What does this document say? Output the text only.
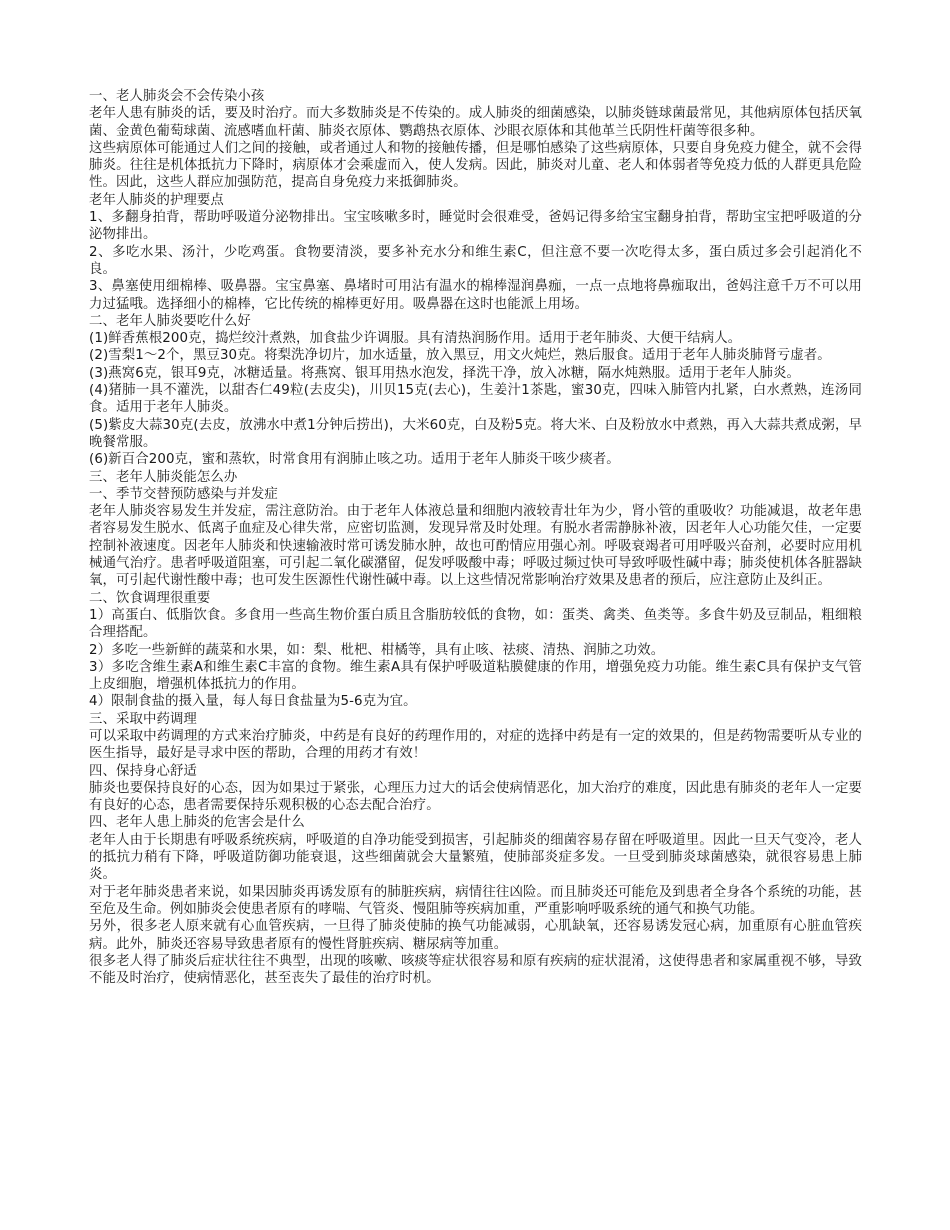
一、老人肺炎会不会传染小孩

老年人患有肺炎的话，要及时治疗。而大多数肺炎是不传染的。成人肺炎的细菌感染，以肺炎链球菌最常见，其他病原体包括厌氧菌、金黄色葡萄球菌、流感嗜血杆菌、肺炎衣原体、鹦鹉热衣原体、沙眼衣原体和其他革兰氏阴性杆菌等很多种。

这些病原体可能通过人们之间的接触，或者通过人和物的接触传播，但是哪怕感染了这些病原体，只要自身免疫力健全，就不会得肺炎。往往是机体抵抗力下降时，病原体才会乘虚而入，使人发病。因此，肺炎对儿童、老人和体弱者等免疫力低的人群更具危险性。因此，这些人群应加强防范，提高自身免疫力来抵御肺炎。

老年人肺炎的护理要点

1、多翻身拍背，帮助呼吸道分泌物排出。宝宝咳嗽多时，睡觉时会很难受，爸妈记得多给宝宝翻身拍背，帮助宝宝把呼吸道的分泌物排出。

2、多吃水果、汤汁，少吃鸡蛋。食物要清淡，要多补充水分和维生素C，但注意不要一次吃得太多，蛋白质过多会引起消化不良。

3、鼻塞使用细棉棒、吸鼻器。宝宝鼻塞、鼻堵时可用沾有温水的棉棒湿润鼻痂，一点一点地将鼻痂取出，爸妈注意千万不可以用力过猛哦。选择细小的棉棒，它比传统的棉棒更好用。吸鼻器在这时也能派上用场。

二、老年人肺炎要吃什么好

(1)鲜香蕉根200克，捣烂绞汁煮熟，加食盐少许调服。具有清热润肠作用。适用于老年肺炎、大便干结病人。

(2)雪梨1～2个，黑豆30克。将梨洗净切片，加水适量，放入黑豆，用文火炖烂，熟后服食。适用于老年人肺炎肺肾亏虚者。

(3)燕窝6克，银耳9克，冰糖适量。将燕窝、银耳用热水泡发，择洗干净，放入冰糖，隔水炖熟服。适用于老年人肺炎。

(4)猪肺一具不灌洗，以甜杏仁49粒(去皮尖)，川贝15克(去心)，生姜汁1茶匙，蜜30克，四味入肺管内扎紧，白水煮熟，连汤同食。适用于老年人肺炎。

(5)紫皮大蒜30克(去皮，放沸水中煮1分钟后捞出)，大米60克，白及粉5克。将大米、白及粉放水中煮熟，再入大蒜共煮成粥，早晚餐常服。

(6)新百合200克，蜜和蒸软，时常食用有润肺止咳之功。适用于老年人肺炎干咳少痰者。

三、老年人肺炎能怎么办

一、季节交替预防感染与并发症

老年人肺炎容易发生并发症，需注意防治。由于老年人体液总量和细胞内液较青壮年为少，肾小管的重吸收？功能减退，故老年患者容易发生脱水、低离子血症及心律失常，应密切监测，发现异常及时处理。有脱水者需静脉补液，因老年人心功能欠佳，一定要控制补液速度。因老年人肺炎和快速输液时常可诱发肺水肿，故也可酌情应用强心剂。呼吸衰竭者可用呼吸兴奋剂，必要时应用机械通气治疗。患者呼吸道阻塞，可引起二氧化碳潴留，促发呼吸酸中毒；呼吸过频过快可导致呼吸性碱中毒；肺炎使机体各脏器缺氧，可引起代谢性酸中毒；也可发生医源性代谢性碱中毒。以上这些情况常影响治疗效果及患者的预后，应注意防止及纠正。

二、饮食调理很重要

1）高蛋白、低脂饮食。多食用一些高生物价蛋白质且含脂肪较低的食物，如：蛋类、禽类、鱼类等。多食牛奶及豆制品，粗细粮合理搭配。

2）多吃一些新鲜的蔬菜和水果，如：梨、枇杷、柑橘等，具有止咳、祛痰、清热、润肺之功效。

3）多吃含维生素A和维生素C丰富的食物。维生素A具有保护呼吸道粘膜健康的作用，增强免疫力功能。维生素C具有保护支气管上皮细胞，增强机体抵抗力的作用。

4）限制食盐的摄入量，每人每日食盐量为5-6克为宜。

三、采取中药调理

可以采取中药调理的方式来治疗肺炎，中药是有良好的药理作用的，对症的选择中药是有一定的效果的，但是药物需要听从专业的医生指导，最好是寻求中医的帮助，合理的用药才有效！

四、保持身心舒适

肺炎也要保持良好的心态，因为如果过于紧张，心理压力过大的话会使病情恶化，加大治疗的难度，因此患有肺炎的老年人一定要有良好的心态，患者需要保持乐观积极的心态去配合治疗。

四、老年人患上肺炎的危害会是什么

老年人由于长期患有呼吸系统疾病，呼吸道的自净功能受到损害，引起肺炎的细菌容易存留在呼吸道里。因此一旦天气变冷，老人的抵抗力稍有下降，呼吸道防御功能衰退，这些细菌就会大量繁殖，使肺部炎症多发。一旦受到肺炎球菌感染，就很容易患上肺炎。

对于老年肺炎患者来说，如果因肺炎再诱发原有的肺脏疾病，病情往往凶险。而且肺炎还可能危及到患者全身各个系统的功能，甚至危及生命。例如肺炎会使患者原有的哮喘、气管炎、慢阻肺等疾病加重，严重影响呼吸系统的通气和换气功能。

另外，很多老人原来就有心血管疾病，一旦得了肺炎使肺的换气功能减弱，心肌缺氧，还容易诱发冠心病，加重原有心脏血管疾病。此外，肺炎还容易导致患者原有的慢性肾脏疾病、糖尿病等加重。

很多老人得了肺炎后症状往往不典型，出现的咳嗽、咳痰等症状很容易和原有疾病的症状混淆，这使得患者和家属重视不够，导致不能及时治疗，使病情恶化，甚至丧失了最佳的治疗时机。
